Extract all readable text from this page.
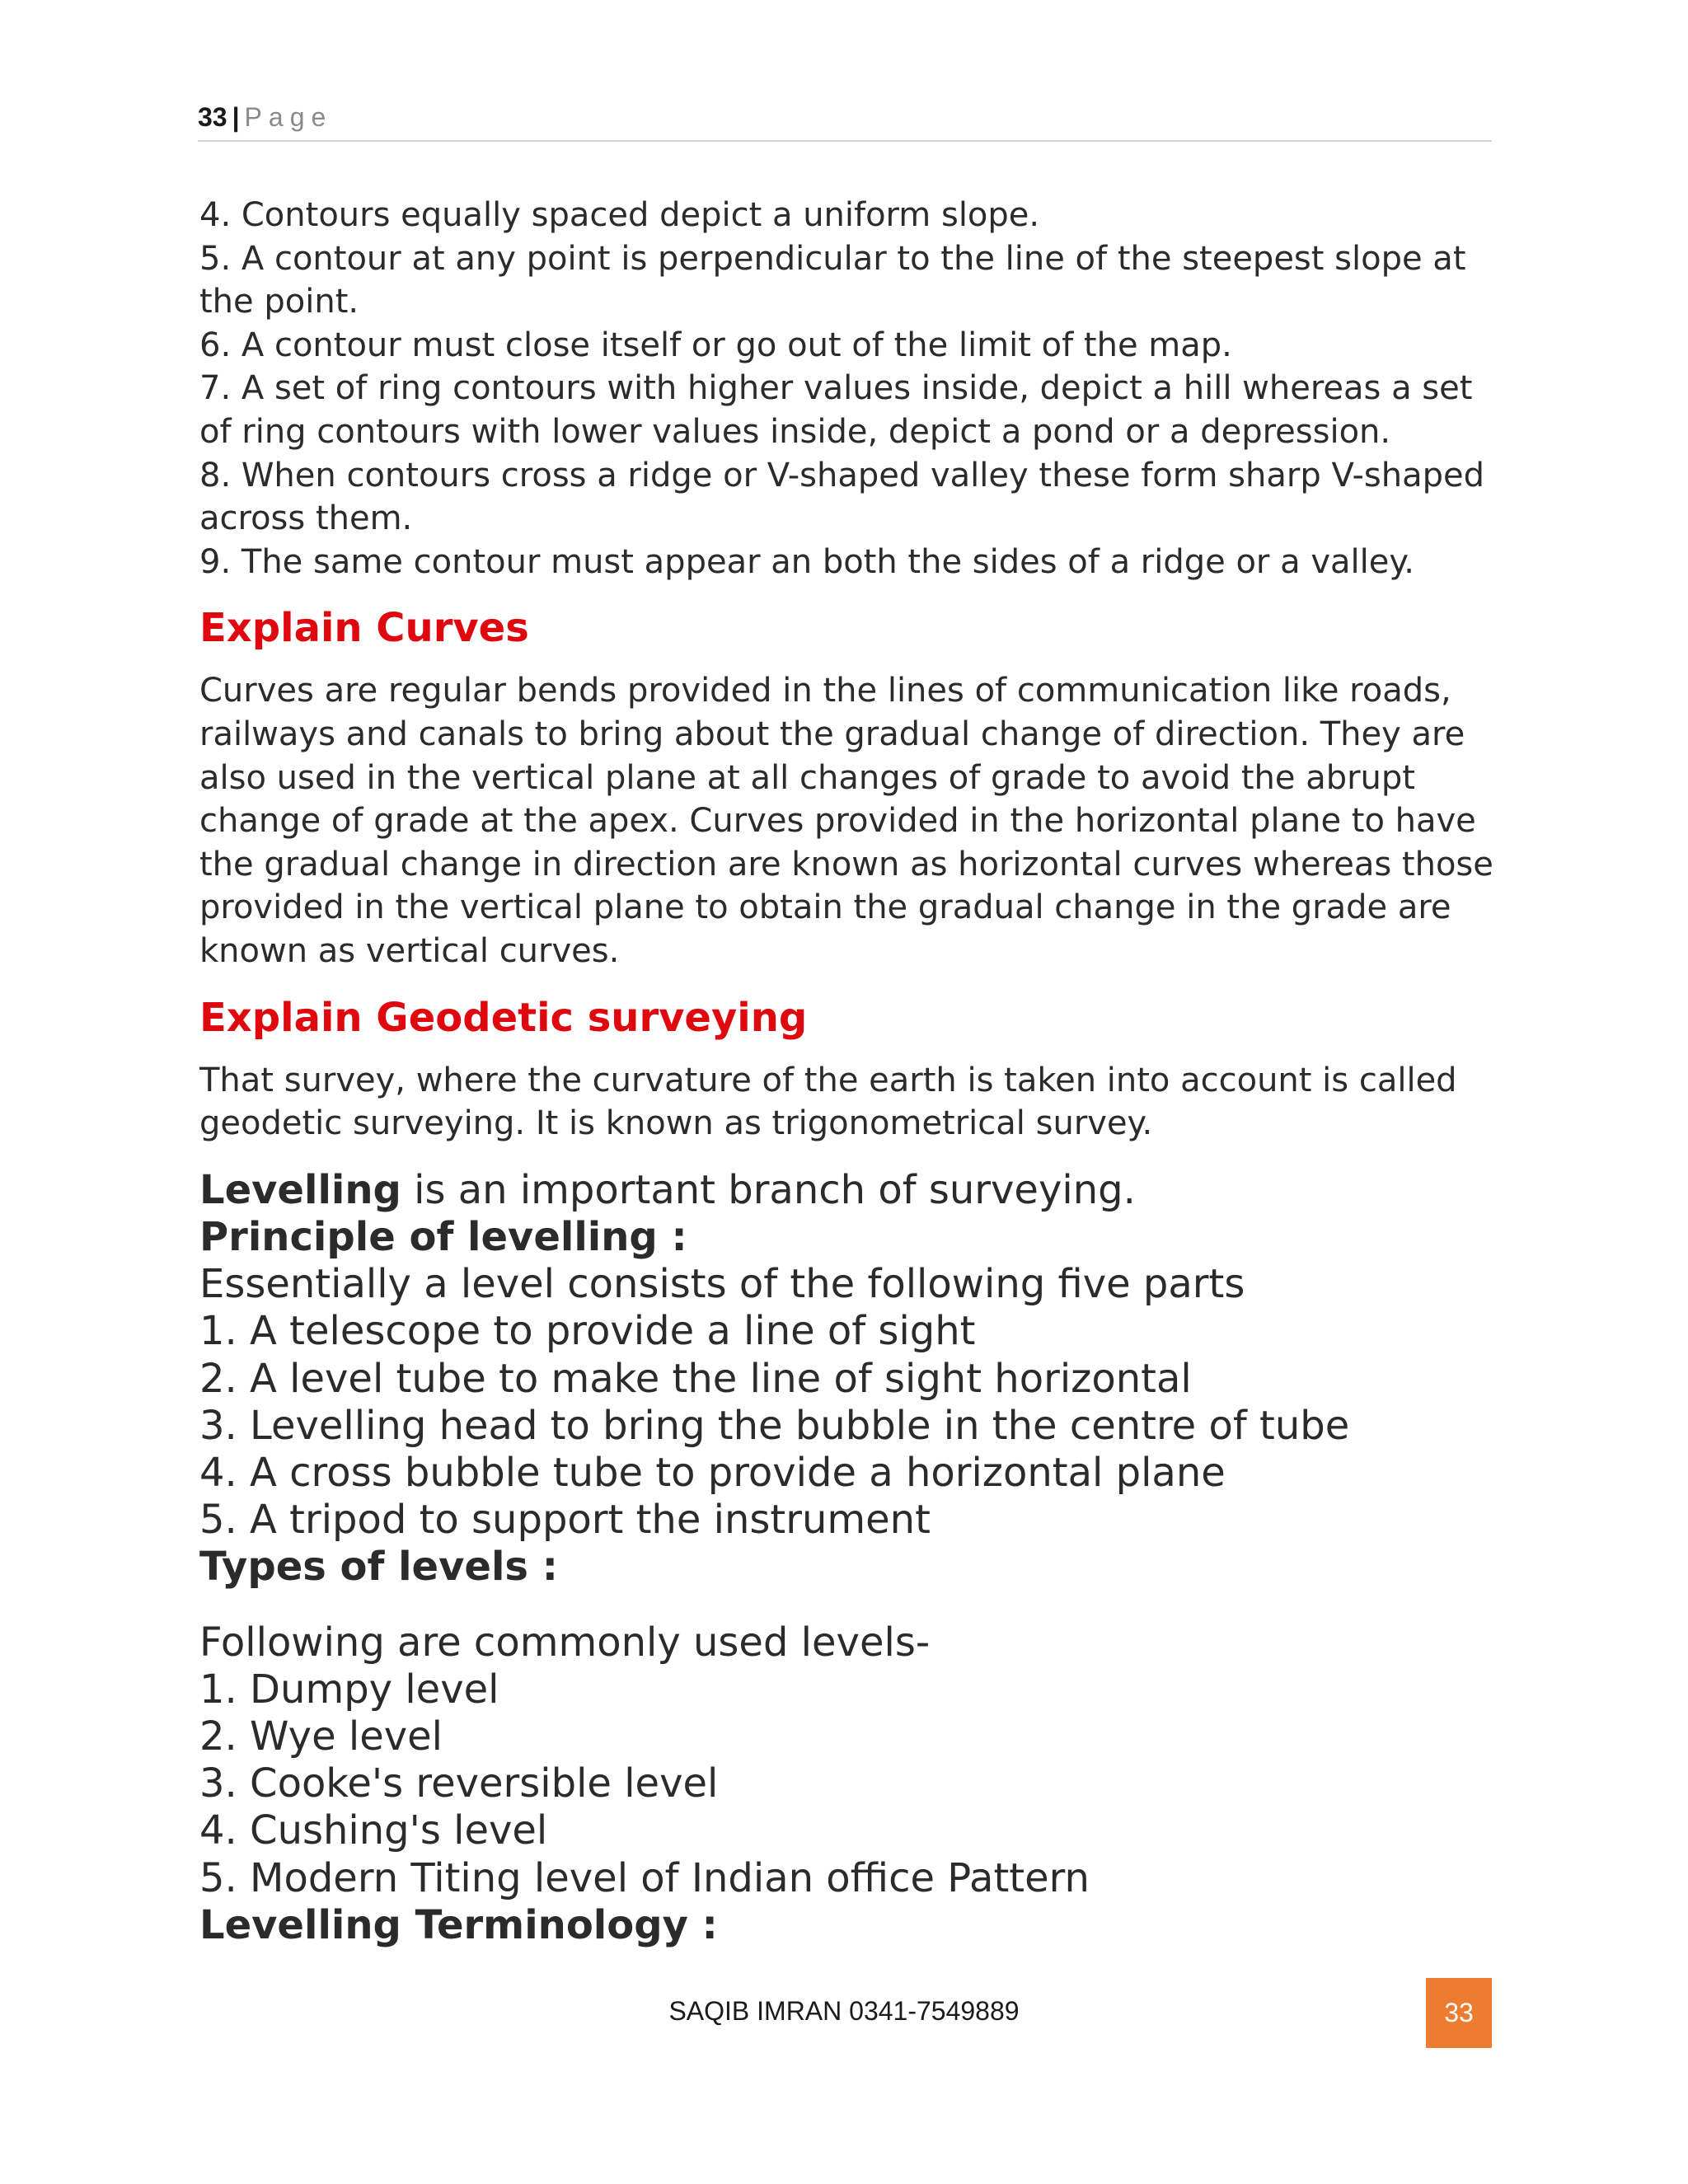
33 | Page
4. Contours equally spaced depict a uniform slope.
5. A contour at any point is perpendicular to the line of the steepest slope at the point.
6. A contour must close itself or go out of the limit of the map.
7. A set of ring contours with higher values inside, depict a hill whereas a set of ring contours with lower values inside, depict a pond or a depression.
8. When contours cross a ridge or V-shaped valley these form sharp V-shaped across them.
9. The same contour must appear an both the sides of a ridge or a valley.
Explain Curves

Curves are regular bends provided in the lines of communication like roads, railways and canals to bring about the gradual change of direction. They are also used in the vertical plane at all changes of grade to avoid the abrupt change of grade at the apex. Curves provided in the horizontal plane to have the gradual change in direction are known as horizontal curves whereas those provided in the vertical plane to obtain the gradual change in the grade are known as vertical curves.

Explain Geodetic surveying

That survey, where the curvature of the earth is taken into account is called geodetic surveying. It is known as trigonometrical survey.

Levelling is an important branch of surveying.
Principle of levelling :
Essentially a level consists of the following five parts
1. A telescope to provide a line of sight
2. A level tube to make the line of sight horizontal
3. Levelling head to bring the bubble in the centre of tube
4. A cross bubble tube to provide a horizontal plane
5. A tripod to support the instrument
Types of levels :
Following are commonly used levels-
1. Dumpy level
2. Wye level
3. Cooke's reversible level
4. Cushing's level
5. Modern Titing level of Indian office Pattern
Levelling Terminology :
SAQIB IMRAN 0341-7549889	33
